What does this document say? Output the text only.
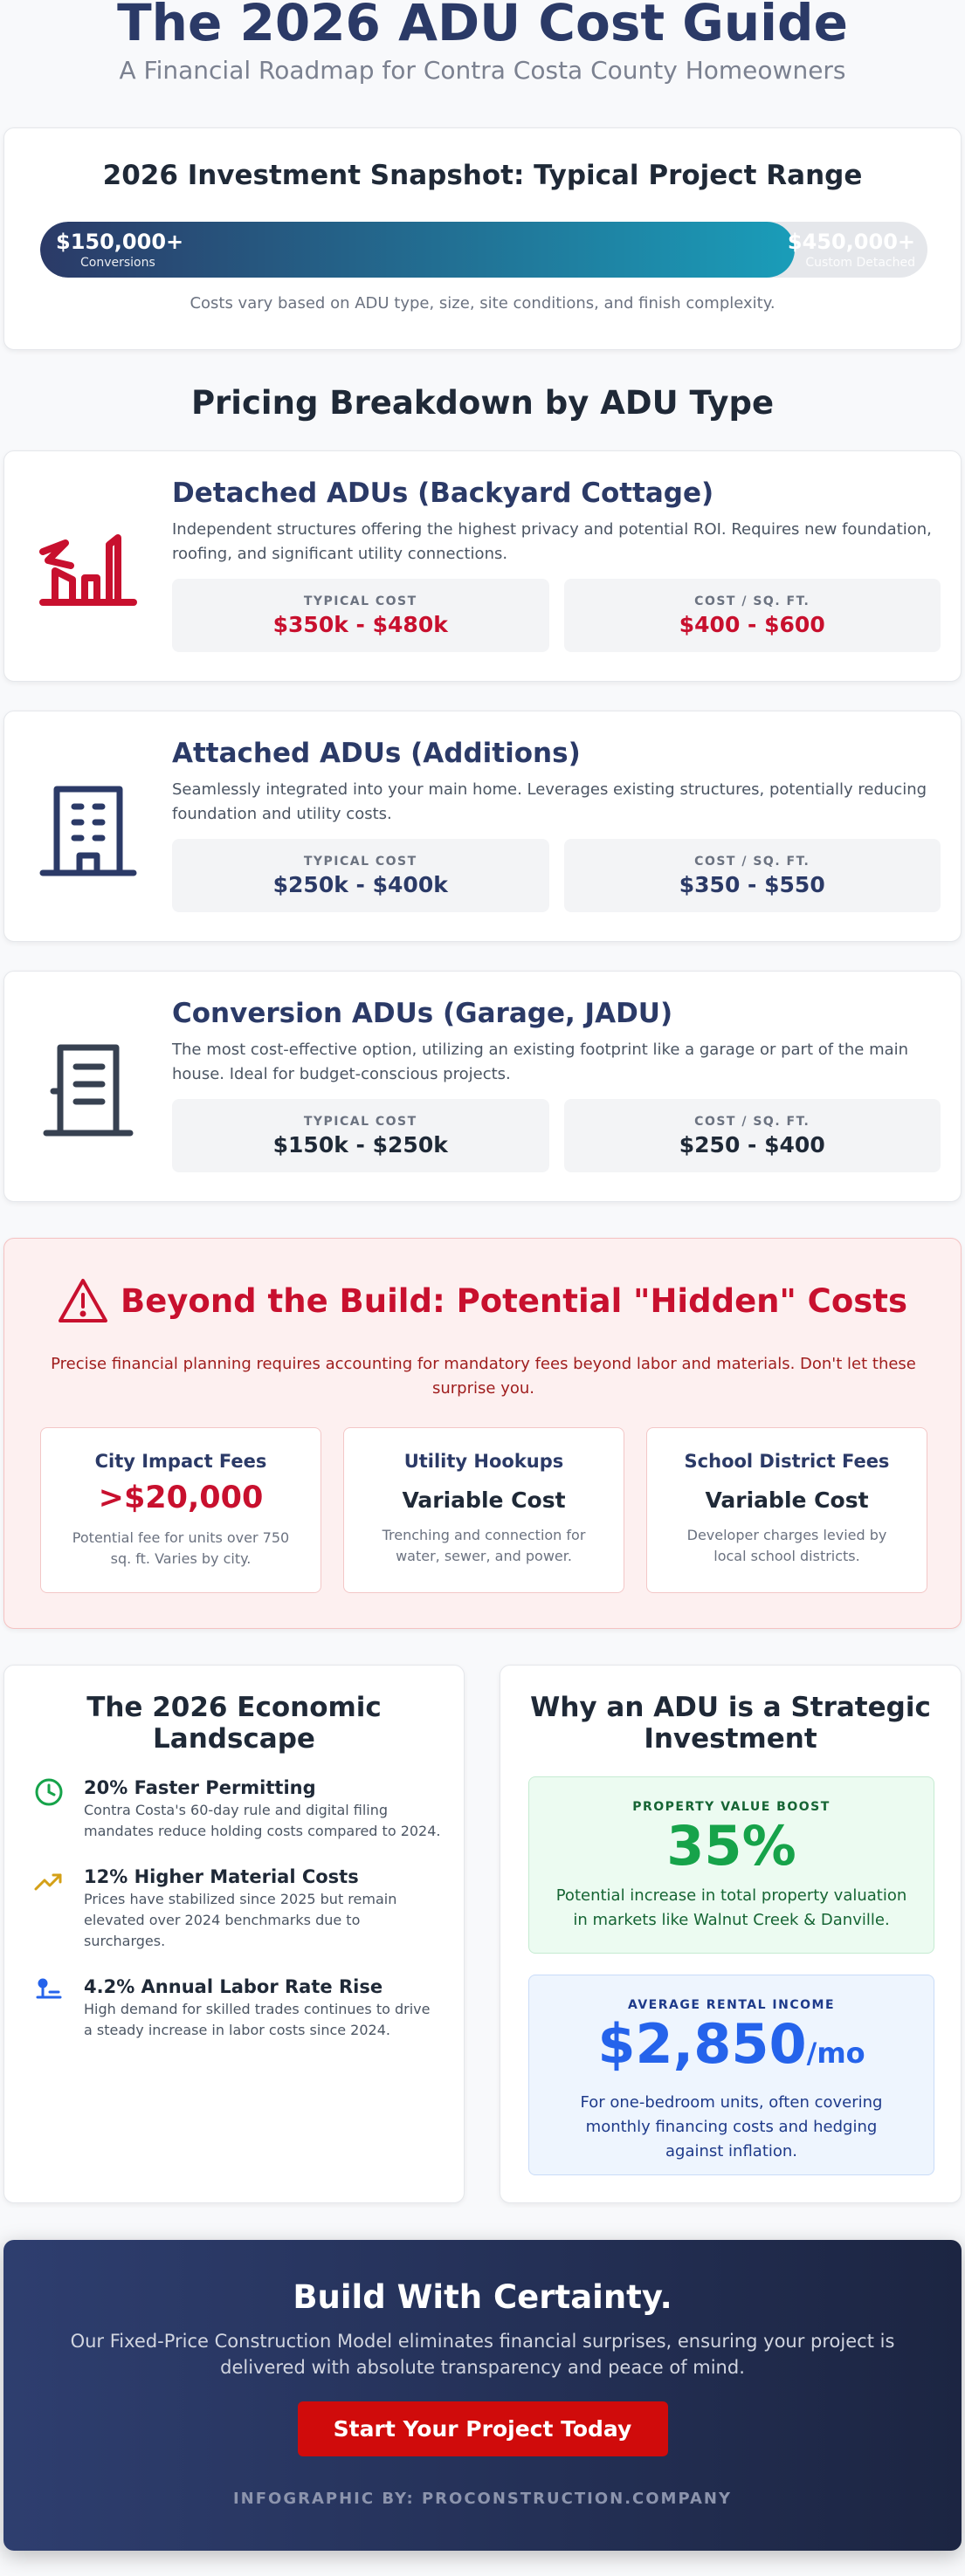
The 2026 ADU Cost Guide
A Financial Roadmap for Contra Costa County Homeowners
2026 Investment Snapshot: Typical Project Range
$150,000+
Conversions
$450,000+
Custom Detached
Costs vary based on ADU type, size, site conditions, and finish complexity.
Pricing Breakdown by ADU Type
Detached ADUs (Backyard Cottage)
Independent structures offering the highest privacy and potential ROI. Requires new foundation, roofing, and significant utility connections.
TYPICAL COST
$350k - $480k
COST / SQ. FT.
$400 - $600
Attached ADUs (Additions)
Seamlessly integrated into your main home. Leverages existing structures, potentially reducing foundation and utility costs.
TYPICAL COST
$250k - $400k
COST / SQ. FT.
$350 - $550
Conversion ADUs (Garage, JADU)
The most cost-effective option, utilizing an existing footprint like a garage or part of the main house. Ideal for budget-conscious projects.
TYPICAL COST
$150k - $250k
COST / SQ. FT.
$250 - $400
Beyond the Build: Potential "Hidden" Costs
Precise financial planning requires accounting for mandatory fees beyond labor and materials. Don't let these surprise you.
City Impact Fees
>$20,000
Potential fee for units over 750 sq. ft. Varies by city.
Utility Hookups
Variable Cost
Trenching and connection for water, sewer, and power.
School District Fees
Variable Cost
Developer charges levied by local school districts.
The 2026 Economic Landscape
20% Faster Permitting
Contra Costa's 60-day rule and digital filing mandates reduce holding costs compared to 2024.
12% Higher Material Costs
Prices have stabilized since 2025 but remain elevated over 2024 benchmarks due to surcharges.
4.2% Annual Labor Rate Rise
High demand for skilled trades continues to drive a steady increase in labor costs since 2024.
Why an ADU is a Strategic Investment
PROPERTY VALUE BOOST
35%
Potential increase in total property valuation in markets like Walnut Creek & Danville.
AVERAGE RENTAL INCOME
$2,850/mo
For one-bedroom units, often covering monthly financing costs and hedging against inflation.
Build With Certainty.
Our Fixed-Price Construction Model eliminates financial surprises, ensuring your project is delivered with absolute transparency and peace of mind.
Start Your Project Today
INFOGRAPHIC BY: PROCONSTRUCTION.COMPANY
